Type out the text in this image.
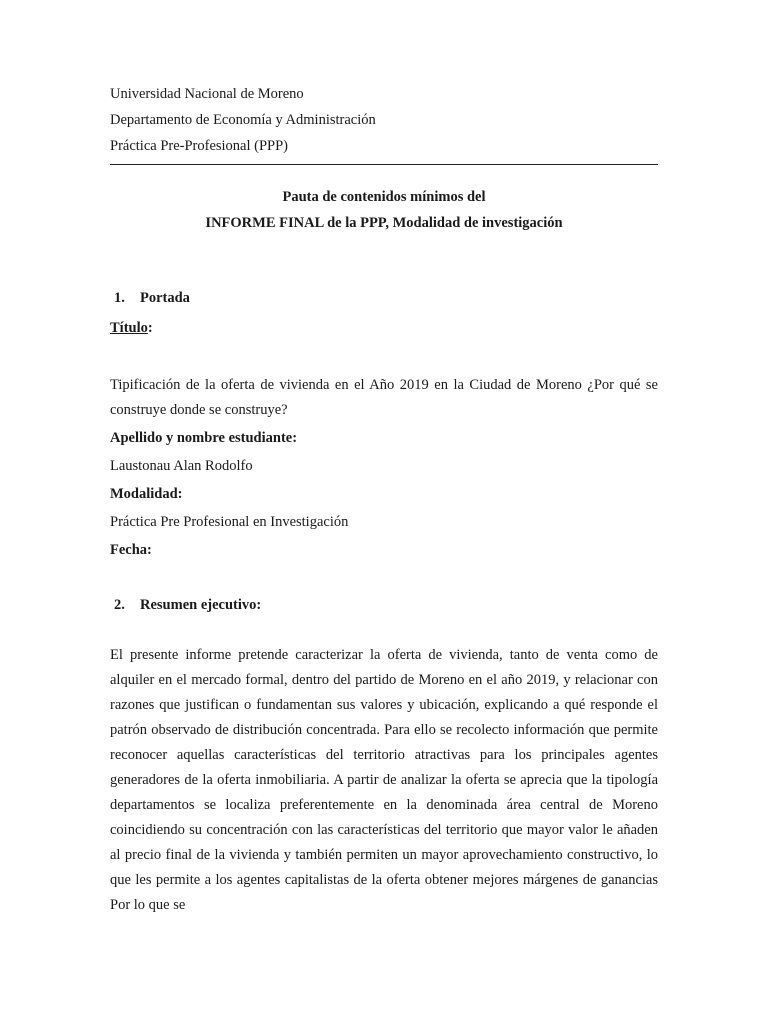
Universidad Nacional de Moreno
Departamento de Economía y Administración
Práctica Pre-Profesional (PPP)
Pauta de contenidos mínimos del
INFORME FINAL de la PPP, Modalidad de investigación
1. Portada
Título:
Tipificación de la oferta de vivienda en el Año 2019 en la Ciudad de Moreno ¿Por qué se construye donde se construye?
Apellido y nombre estudiante:
Laustonau Alan Rodolfo
Modalidad:
Práctica Pre Profesional en Investigación
Fecha:
2. Resumen ejecutivo:
El presente informe pretende caracterizar la oferta de vivienda, tanto de venta como de alquiler en el mercado formal, dentro del partido de Moreno en el año 2019, y relacionar con razones que justifican o fundamentan sus valores y ubicación, explicando a qué responde el patrón observado de distribución concentrada. Para ello se recolecto información que permite reconocer aquellas características del territorio atractivas para los principales agentes generadores de la oferta inmobiliaria. A partir de analizar la oferta se aprecia que la tipología departamentos se localiza preferentemente en la denominada área central de Moreno coincidiendo su concentración con las características del territorio que mayor valor le añaden al precio final de la vivienda y también permiten un mayor aprovechamiento constructivo, lo que les permite a los agentes capitalistas de la oferta obtener mejores márgenes de ganancias Por lo que se
